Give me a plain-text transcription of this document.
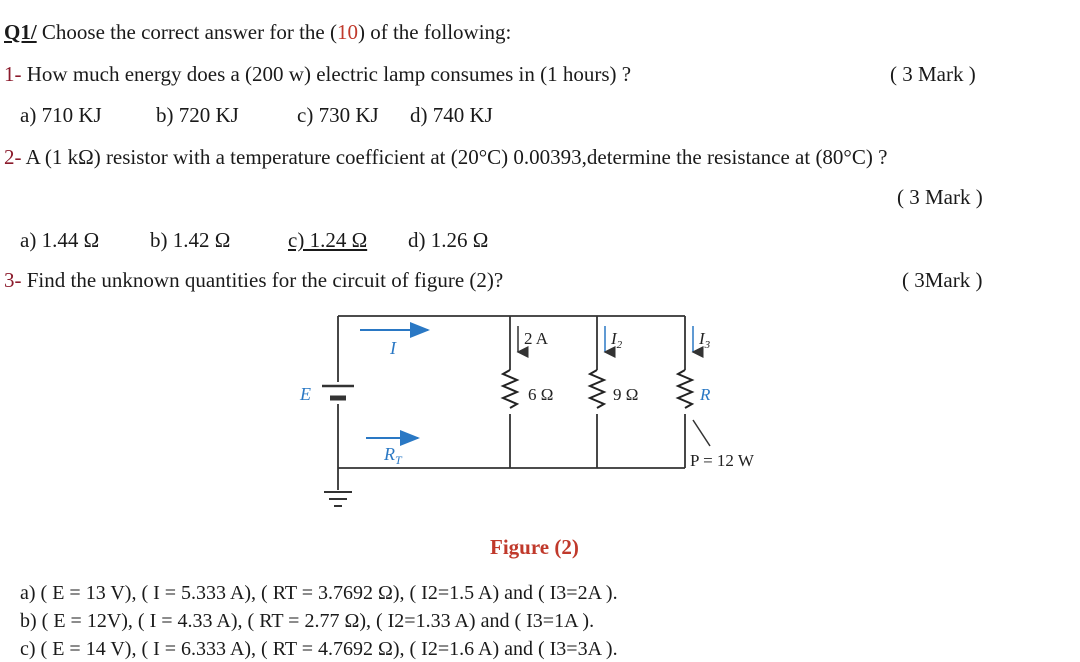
Q1/ Choose the correct answer for the (10) of the following:
1- How much energy does a (200 w) electric lamp consumes in (1 hours) ?	( 3 Mark )
a) 710 KJ	b) 720 KJ	c) 730 KJ d) 740 KJ
2- A (1 kΩ) resistor with a temperature coefficient at (20°C) 0.00393,determine the resistance at (80°C) ?
( 3 Mark )
a) 1.44 Ω b) 1.42 Ω	c) 1.24 Ω d) 1.26 Ω
3- Find the unknown quantities for the circuit of figure (2)?	( 3Mark )
I
E
$R_T$
2 A
6 Ω
$I_2$
9 Ω
$I_3$
R
P = 12 W
Figure (2)
a) ( E = 13 V), ( I = 5.333 A), ( RT = 3.7692 Ω), ( I2=1.5 A) and ( I3=2A ).
b) ( E = 12V), ( I = 4.33 A), ( RT = 2.77 Ω), ( I2=1.33 A) and ( I3=1A ).
c) ( E = 14 V), ( I = 6.333 A), ( RT = 4.7692 Ω), ( I2=1.6 A) and ( I3=3A ).
